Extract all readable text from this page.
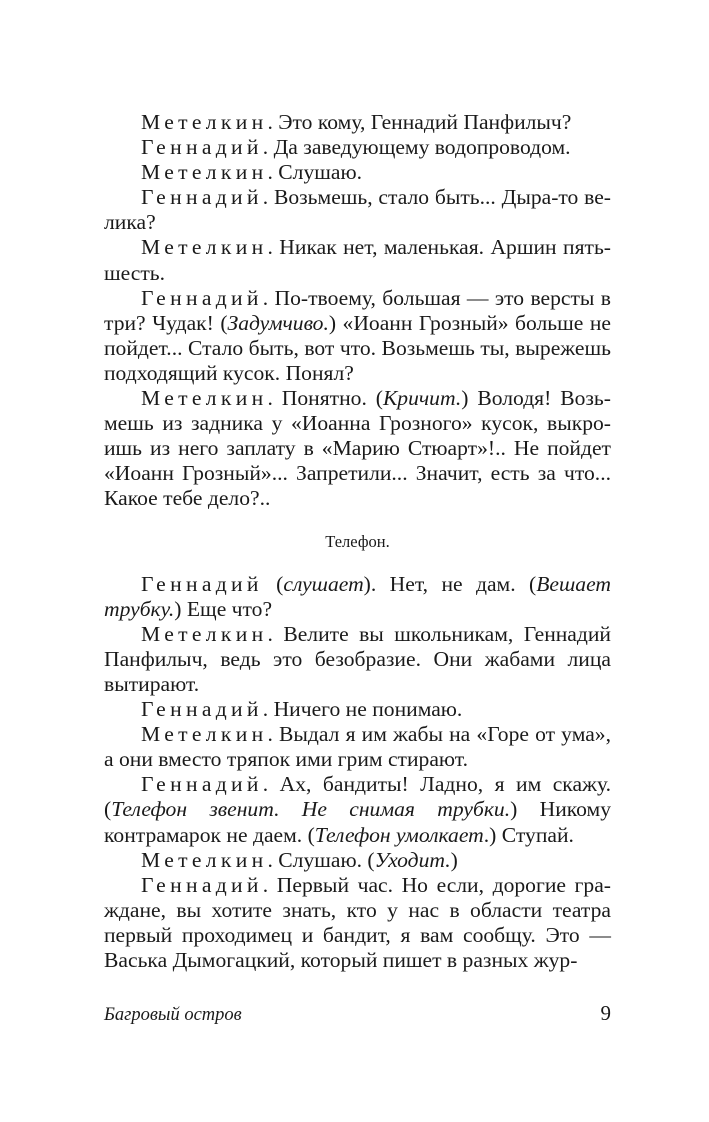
Метелкин. Это кому, Геннадий Панфилыч?

Геннадий. Да заведующему водопроводом.

Метелкин. Слушаю.

Геннадий. Возьмешь, стало быть... Дыра-то велика?

Метелкин. Никак нет, маленькая. Аршин пять-шесть.

Геннадий. По-твоему, большая — это версты в три? Чудак! (Задумчиво.) «Иоанн Грозный» больше не пойдет... Стало быть, вот что. Возьмешь ты, вырежешь подходящий кусок. Понял?

Метелкин. Понятно. (Кричит.) Володя! Возьмешь из задника у «Иоанна Грозного» кусок, выкроишь из него заплату в «Марию Стюарт»!.. Не пойдет «Иоанн Грозный»... Запретили... Значит, есть за что... Какое тебе дело?..

Телефон.

Геннадий (слушает). Нет, не дам. (Вешает трубку.) Еще что?

Метелкин. Велите вы школьникам, Геннадий Панфилыч, ведь это безобразие. Они жабами лица вытирают.

Геннадий. Ничего не понимаю.

Метелкин. Выдал я им жабы на «Горе от ума», а они вместо тряпок ими грим стирают.

Геннадий. Ах, бандиты! Ладно, я им скажу. (Телефон звенит. Не снимая трубки.) Никому контрамарок не даем. (Телефон умолкает.) Ступай.

Метелкин. Слушаю. (Уходит.)

Геннадий. Первый час. Но если, дорогие граждане, вы хотите знать, кто у нас в области театра первый проходимец и бандит, я вам сообщу. Это — Васька Дымогацкий, который пишет в разных жур-

Багровый остров	9
